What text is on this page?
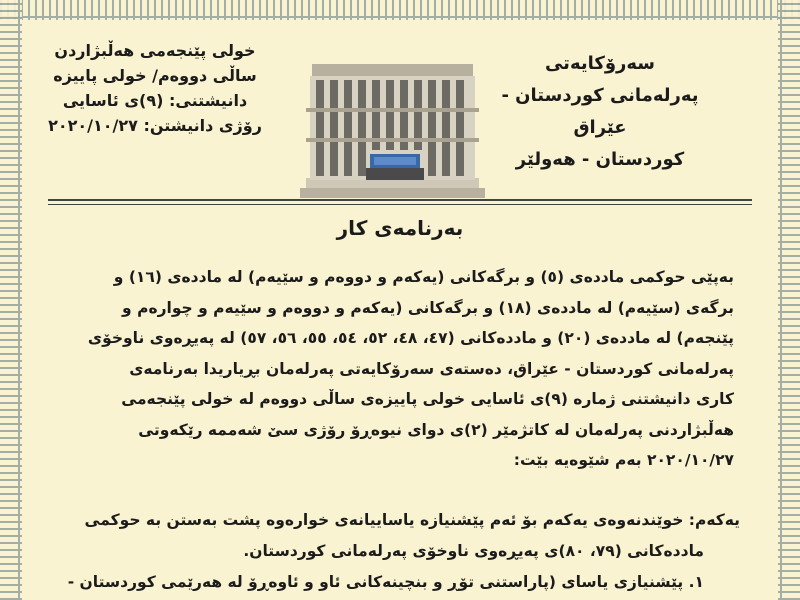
سەرۆکایەتی
پەرلەمانی کوردستان - عێراق
کوردستان - هەولێر
خولی پێنجەمی هەڵبژاردن
ساڵی دووەم/ خولی پاییزە
دانیشتنی: (٩)ی ئاسایی
رۆژی دانیشتن: ٢٠٢٠/١٠/٢٧
بەرنامەی کار
بەپێی حوکمی ماددەی (٥) و برگەکانی (یەکەم و دووەم و سێیەم) لە ماددەی (١٦) و
برگەی (سێیەم) لە ماددەی (١٨) و برگەکانی (یەکەم و دووەم و سێیەم و چوارەم و
پێنجەم) لە ماددەی (٢٠) و ماددەکانی (٤٧، ٤٨، ٥٢، ٥٤، ٥٥، ٥٦، ٥٧) لە پەیڕەوی ناوخۆی
پەرلەمانی کوردستان - عێراق، دەستەی سەرۆکایەتی پەرلەمان بڕیاریدا بەرنامەی
کاری دانیشتنی ژمارە (٩)ی ئاسایی خولی پاییزەی ساڵی دووەم لە خولی پێنجەمی
هەڵبژاردنی پەرلەمان لە کاتژمێر (٢)ی دوای نیوەڕۆ رۆژی سێ شەممە رێکەوتی
٢٠٢٠/١٠/٢٧ بەم شێوەیە بێت:
یەکەم: خوێندنەوەی یەکەم بۆ ئەم پێشنیازە یاساییانەی خوارەوە پشت بەستن بە حوکمی
ماددەکانی (٧٩، ٨٠)ی پەیڕەوی ناوخۆی پەرلەمانی کوردستان.
١. پێشنیازی یاسای (پاراستنی تۆڕ و بنچینەکانی ئاو و ئاوەڕۆ لە هەرێمی کوردستان -
